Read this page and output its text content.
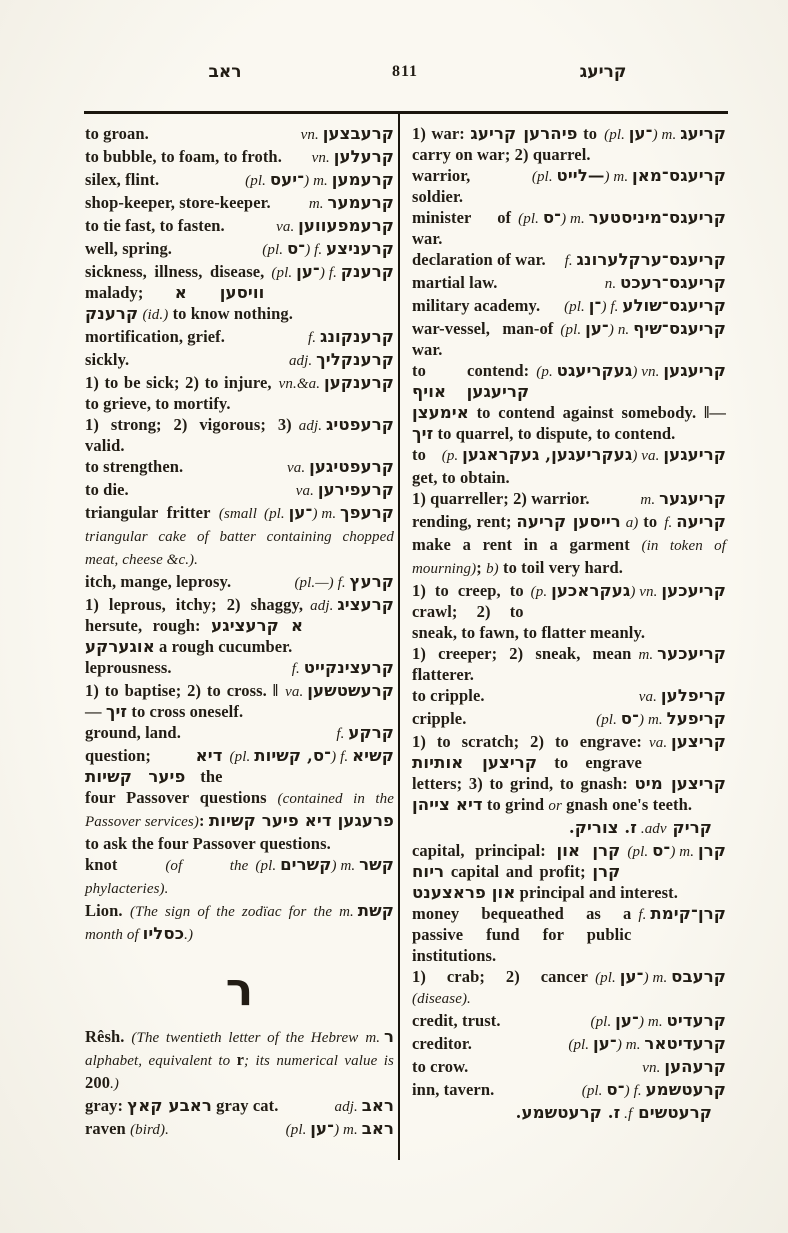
ראב	811	קריעג
vn. קרעבצען
to groan.
vn. קרעלען
to bubble, to foam, to froth.
(pl. ־יעס) m. קרעמען
silex, flint.
m. קרעמער
shop-keeper, store-keeper.
va. קרעמפעווען
to tie fast, to fasten.
(pl. ־ס) f. קרעניצע
well, spring.
(pl. ־ען) f. קרענק
sickness, illness, disease, malady; וויסען א קרענק (id.) to know nothing.
f. קרענקונג
mortification, grief.
adj. קרענקליך
sickly.
vn.&a. קרענקען
1) to be sick; 2) to injure, to grieve, to mortify.
adj. קרעפטיג
1) strong; 2) vigorous; 3) valid.
va. קרעפטיגען
to strengthen.
va. קרעפירען
to die.
(pl. ־ען) m. קרעפך
triangular fritter (small triangular cake of batter containing chopped meat, cheese &c.).
(pl.—) f. קרעץ
itch, mange, leprosy.
adj. קרעציג
1) leprous, itchy; 2) shaggy, hersute, rough: א קרעציגע אוגערקע a rough cucumber.
f. קרעצינקייט
leprousness.
va. קרעשטשען
1) to baptise; 2) to cross. ‖ — זיך to cross oneself.
f. קרקע
ground, land.
(pl. ־ס, קשיות) f. קשיא
question; דיא פיער קשיות the four Passover questions (contained in the Passover services): פרעגען דיא פיער קשיות to ask the four Passover questions.
(pl. קשרים) m. קשר
knot (of the phylacteries).
m. קשת
Lion. (The sign of the zodïac for the month of כסליו.)
ר
m. ר
Rêsh. (The twentieth letter of the Hebrew alphabet, equivalent to r; its numerical value is 200.)
adj. ראב
gray: ראבע קאץ gray cat.
(pl. ־ען) m. ראב
raven (bird).
(pl. ־ען) m. קריעג
1) war: פיהרען קריעג to carry on war; 2) quarrel.
(pl. ‏—לייט) m. קריעגס־מאן
warrior, soldier.
(pl. ־ס) m. קריעגס־מיניסטער
minister of war.
f. קריעגס־ערקלערונג
declaration of war.
n. קריעגס־רעכט
martial law.
(pl. ־ן) f. קריעגס־שולע
military academy.
(pl. ־ען) n. קריעגס־שיף
war-vessel, man-of war.
(p. געקריעגט) vn. קריעגען
to contend: קריעגען אויף אימעצן to contend against somebody. ‖— זיך to quarrel, to dispute, to contend.
(p. געקריעגען, געקראגען) va. קריעגען
to get, to obtain.
m. קריעגער
1) quarreller; 2) warrior.
f. קריעה
rending, rent; רייסען קריעה a) to make a rent in a garment (in token of mourning); b) to toil very hard.
(p. געקראכען) vn. קריעכען
1) to creep, to crawl; 2) to sneak, to fawn, to flatter meanly.
m. קריעכער
1) creeper; 2) sneak, mean flatterer.
va. קריפלען
to cripple.
(pl. ־ס) m. קריפעל
cripple.
va. קריצען
1) to scratch; 2) to engrave: קריצען אותיות to engrave letters; 3) to grind, to gnash: קריצען מיט דיא צייהן to grind or gnash one's teeth.
קריק adv. ז. צוריק.
(pl. ־ס) m. קרן
capital, principal: קרן און ריוח capital and profit; קרן און פראצענט principal and interest.
f. קרן־קימת
money bequeathed as a passive fund for public institutions.
(pl. ־ען) m. קרעבס
1) crab; 2) cancer (disease).
(pl. ־ען) m. קרעדיט
credit, trust.
(pl. ־ען) m. קרעדיטאר
creditor.
vn. קרעהען
to crow.
(pl. ־ס) f. קרעטשמע
inn, tavern.
קרעטשים f. ז. קרעטשמע.
